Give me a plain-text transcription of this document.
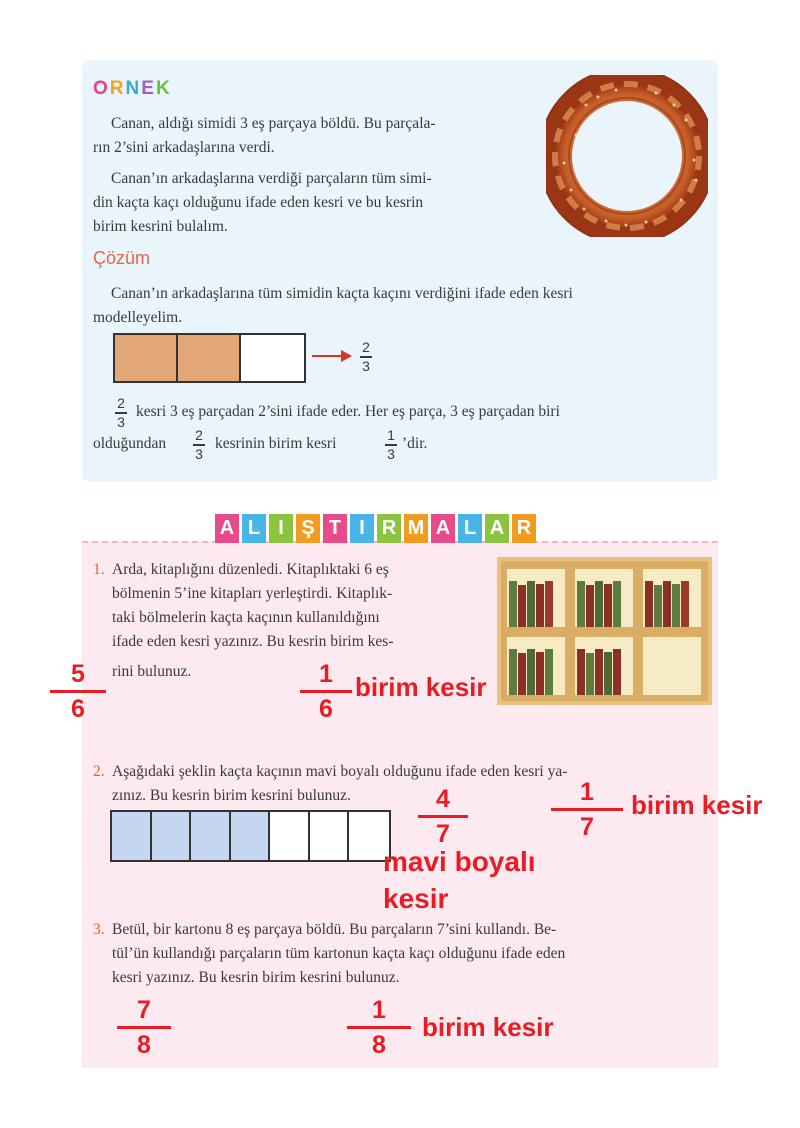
ORNEK
Canan, aldığı simidi 3 eş parçaya böldü. Bu parçala-
rın 2’sini arkadaşlarına verdi.
Canan’ın arkadaşlarına verdiği parçaların tüm simi-
din kaçta kaçı olduğunu ifade eden kesri ve bu kesrin
birim kesrini bulalım.
Çözüm
Canan’ın arkadaşlarına tüm simidin kaçta kaçını verdiğini ifade eden kesri
modelleyelim.
2
3
2
3
kesri 3 eş parçadan 2’sini ifade eder. Her eş parça, 3 eş parçadan biri
olduğundan 2
3
kesrinin birim kesri	1
3
’dir.
A L I Ş T I R M A L A R
1. Arda, kitaplığını düzenledi. Kitaplıktaki 6 eş
bölmenin 5’ine kitapları yerleştirdi. Kitaplık-
taki bölmelerin kaçta kaçının kullanıldığını
ifade eden kesri yazınız. Bu kesrin birim kes-
rini bulunuz.
2. Aşağıdaki şeklin kaçta kaçının mavi boyalı olduğunu ifade eden kesri ya-
zınız. Bu kesrin birim kesrini bulunuz.
3. Betül, bir kartonu 8 eş parçaya böldü. Bu parçaların 7’sini kullandı. Be-
tül’ün kullandığı parçaların tüm kartonun kaçta kaçı olduğunu ifade eden
kesri yazınız. Bu kesrin birim kesrini bulunuz.
5
6
1
6
birim kesir
4
7
1
7
birim kesir
mavi boyalı
kesir
7
8
1
8
birim kesir
